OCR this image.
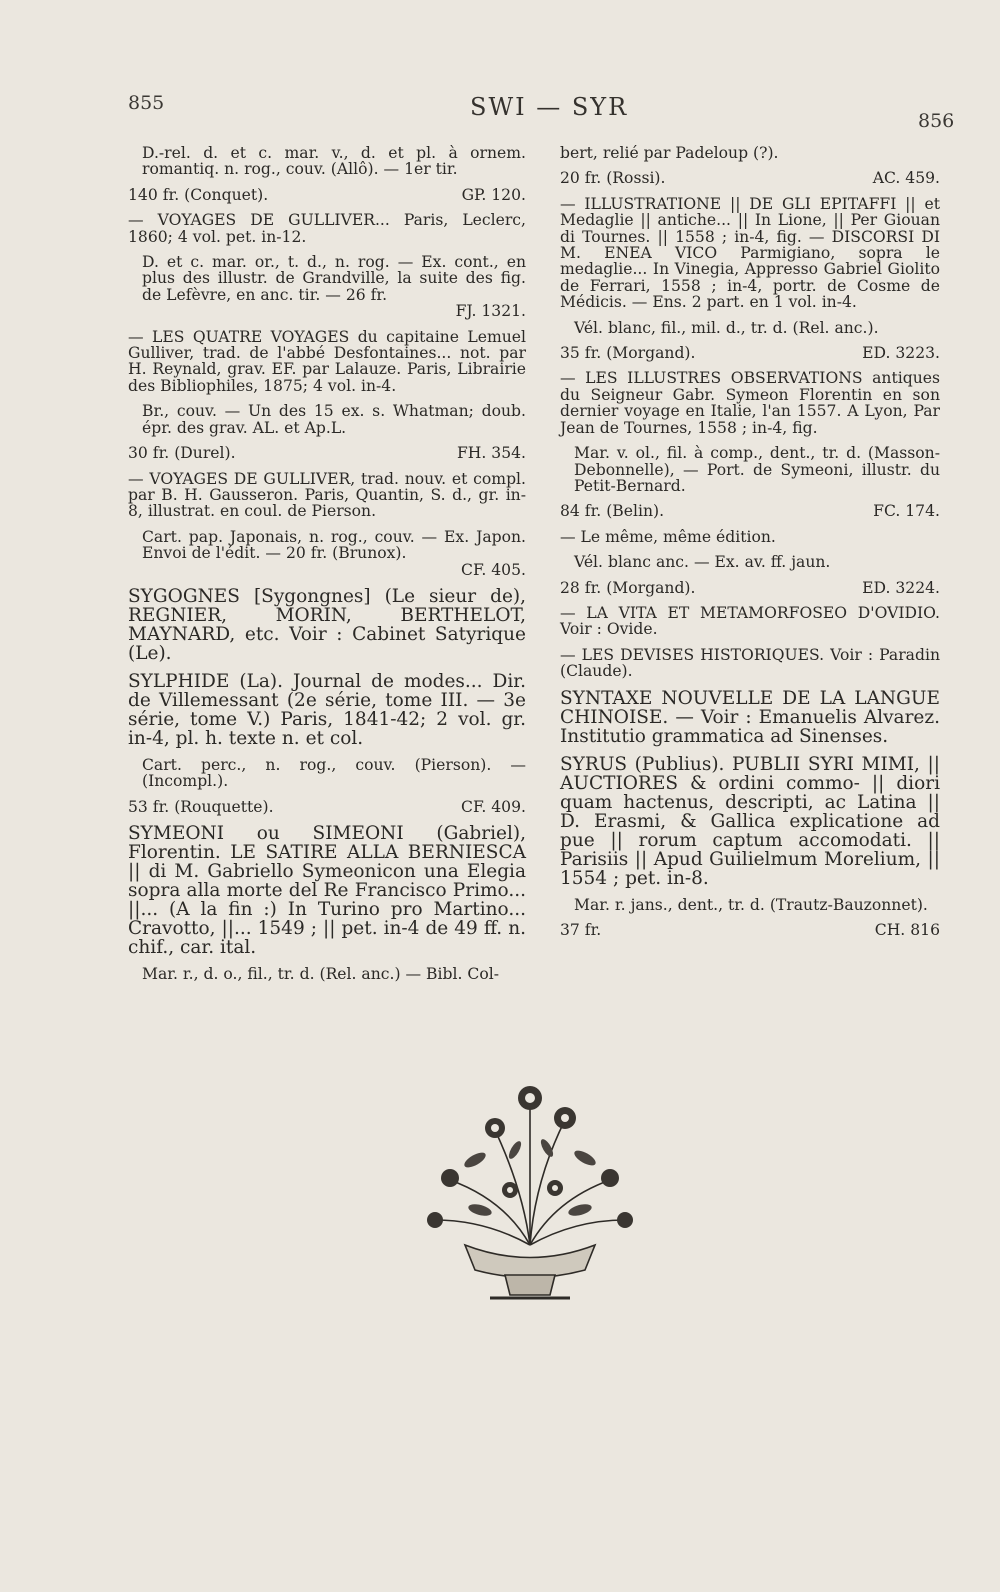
855	SWI — SYR	856

D.-rel. d. et c. mar. v., d. et pl. à ornem. romantiq. n. rog., couv. (Allô). — 1er tir.

140 fr. (Conquet).	GP. 120.

— VOYAGES DE GULLIVER... Paris, Leclerc, 1860; 4 vol. pet. in-12.

D. et c. mar. or., t. d., n. rog. — Ex. cont., en plus des illustr. de Grandville, la suite des fig. de Lefèvre, en anc. tir. — 26 fr.

FJ. 1321.

— LES QUATRE VOYAGES du capitaine Lemuel Gulliver, trad. de l'abbé Desfontaines... not. par H. Reynald, grav. EF. par Lalauze. Paris, Librairie des Bibliophiles, 1875; 4 vol. in-4.

Br., couv. — Un des 15 ex. s. Whatman; doub. épr. des grav. AL. et Ap.L.

30 fr. (Durel).	FH. 354.

— VOYAGES DE GULLIVER, trad. nouv. et compl. par B. H. Gausseron. Paris, Quantin, S. d., gr. in-8, illustrat. en coul. de Pierson.

Cart. pap. Japonais, n. rog., couv. — Ex. Japon. Envoi de l'édit. — 20 fr. (Brunox).

CF. 405.

SYGOGNES [Sygongnes] (Le sieur de), REGNIER, MORIN, BERTHELOT, MAYNARD, etc. Voir : Cabinet Satyrique (Le).

SYLPHIDE (La). Journal de modes... Dir. de Villemessant (2e série, tome III. — 3e série, tome V.) Paris, 1841-42; 2 vol. gr. in-4, pl. h. texte n. et col.

Cart. perc., n. rog., couv. (Pierson). — (Incompl.).

53 fr. (Rouquette).	CF. 409.

SYMEONI ou SIMEONI (Gabriel), Florentin. LE SATIRE ALLA BERNIESCA || di M. Gabriello Symeonicon una Elegia sopra alla morte del Re Francisco Primo... ||... (A la fin :) In Turino pro Martino... Cravotto, ||... 1549 ; || pet. in-4 de 49 ff. n. chif., car. ital.

Mar. r., d. o., fil., tr. d. (Rel. anc.) — Bibl. Col-

bert, relié par Padeloup (?).

20 fr. (Rossi).	AC. 459.

— ILLUSTRATIONE || DE GLI EPITAFFI || et Medaglie || antiche... || In Lione, || Per Giouan di Tournes. || 1558 ; in-4, fig. — DISCORSI DI M. ENEA VICO Parmigiano, sopra le medaglie... In Vinegia, Appresso Gabriel Giolito de Ferrari, 1558 ; in-4, portr. de Cosme de Médicis. — Ens. 2 part. en 1 vol. in-4.

Vél. blanc, fil., mil. d., tr. d. (Rel. anc.).

35 fr. (Morgand).	ED. 3223.

— LES ILLUSTRES OBSERVATIONS antiques du Seigneur Gabr. Symeon Florentin en son dernier voyage en Italie, l'an 1557. A Lyon, Par Jean de Tournes, 1558 ; in-4, fig.

Mar. v. ol., fil. à comp., dent., tr. d. (Masson-Debonnelle), — Port. de Symeoni, illustr. du Petit-Bernard.

84 fr. (Belin).	FC. 174.

— Le même, même édition.

Vél. blanc anc. — Ex. av. ff. jaun.

28 fr. (Morgand).	ED. 3224.

— LA VITA ET METAMORFOSEO D'OVIDIO. Voir : Ovide.

— LES DEVISES HISTORIQUES. Voir : Paradin (Claude).

SYNTAXE NOUVELLE DE LA LANGUE CHINOISE. — Voir : Emanuelis Alvarez. Institutio grammatica ad Sinenses.

SYRUS (Publius). PUBLII SYRI MIMI, || AUCTIORES & ordini commo- || diori quam hactenus, descripti, ac Latina || D. Erasmi, & Gallica explicatione ad pue || rorum captum accomodati. || Parisiis || Apud Guilielmum Morelium, || 1554 ; pet. in-8.

Mar. r. jans., dent., tr. d. (Trautz-Bauzonnet).

37 fr.	CH. 816
